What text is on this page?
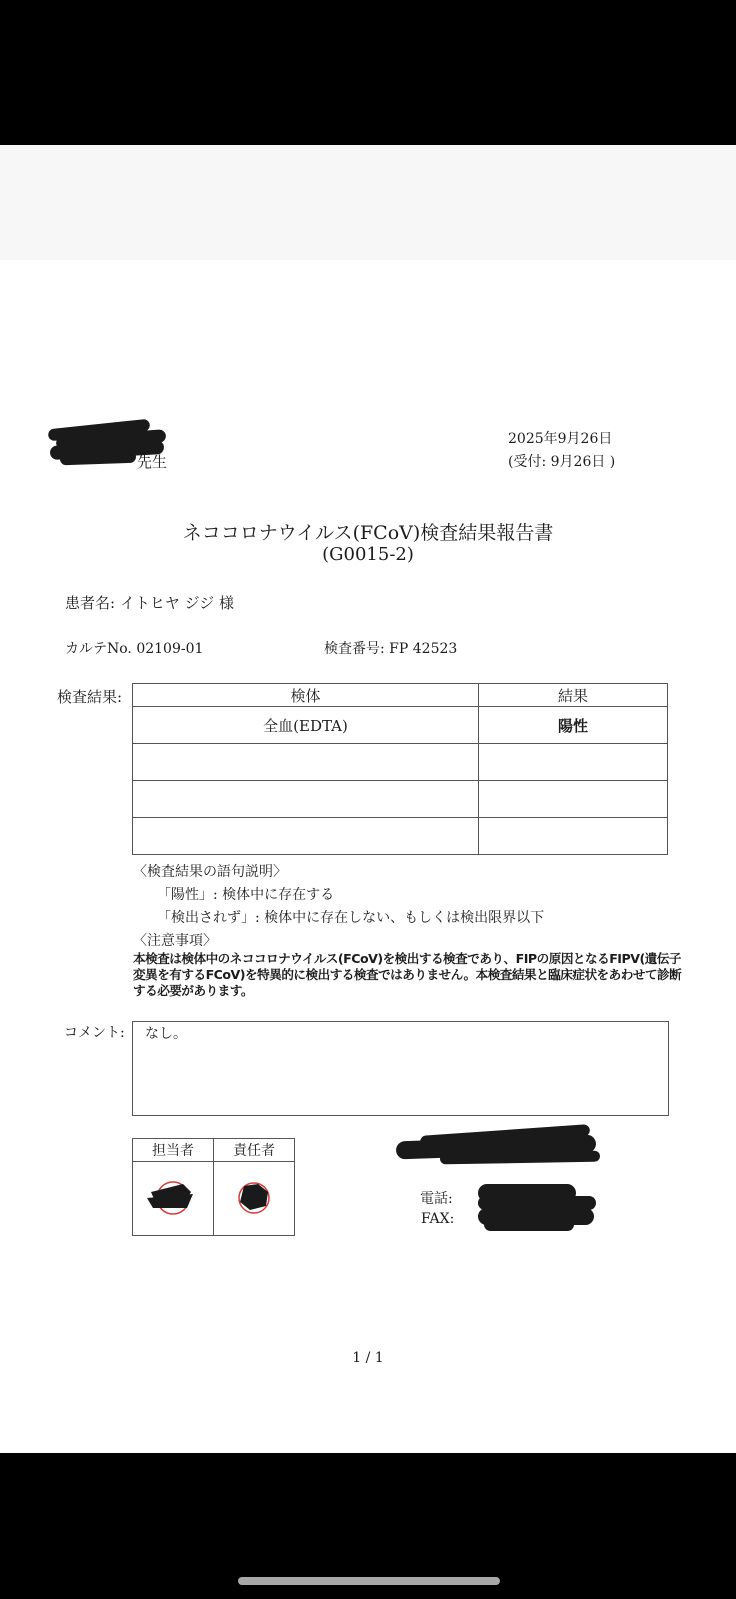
先生
2025年9月26日
(受付: 9月26日 )
ネココロナウイルス(FCoV)検査結果報告書
(G0015-2)
患者名: イトヒヤ ジジ 様
カルテNo. 02109-01	検査番号: FP 42523
検査結果:	検体	結果
全血(EDTA)	陽性

〈検査結果の語句説明〉
「陽性」: 検体中に存在する
「検出されず」: 検体中に存在しない、もしくは検出限界以下
〈注意事項〉
本検査は検体中のネココロナウイルス(FCoV)を検出する検査であり、FIPの原因となるFIPV(遺伝子変異を有するFCoV)を特異的に検出する検査ではありません。本検査結果と臨床症状をあわせて診断する必要があります。
コメント: なし。
担当者	責任者

電話:
FAX:
1 / 1
